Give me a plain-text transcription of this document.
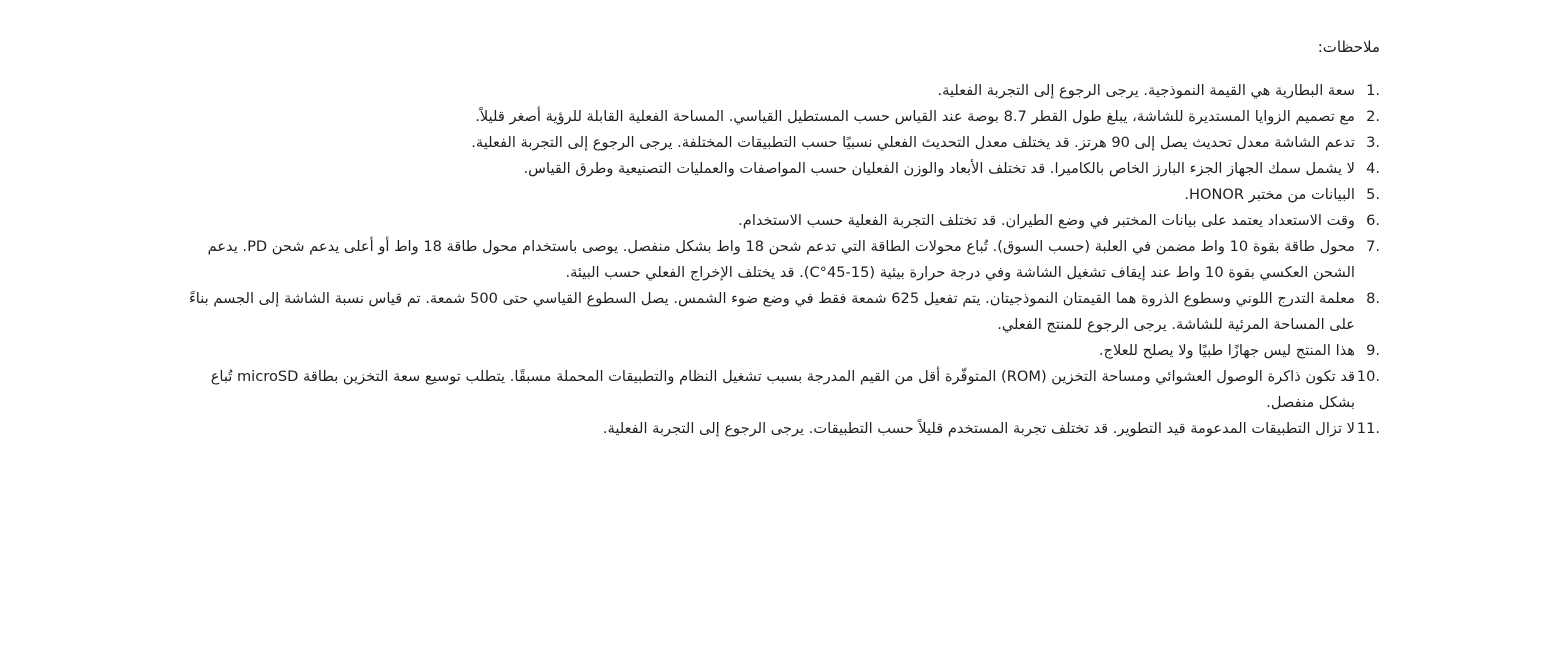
ملاحظات:
1.
سعة البطارية هي القيمة النموذجية. يرجى الرجوع إلى التجربة الفعلية.
2.
مع تصميم الزوايا المستديرة للشاشة، يبلغ طول القطر 8.7 بوصة عند القياس حسب المستطيل القياسي. المساحة الفعلية القابلة للرؤية أصغر قليلاً.
3.
تدعم الشاشة معدل تحديث يصل إلى 90 هرتز. قد يختلف معدل التحديث الفعلي نسبيًا حسب التطبيقات المختلفة. يرجى الرجوع إلى التجربة الفعلية.
4.
لا يشمل سمك الجهاز الجزء البارز الخاص بالكاميرا. قد تختلف الأبعاد والوزن الفعليان حسب المواصفات والعمليات التصنيعية وطرق القياس.
5.
البيانات من مختبر HONOR.
6.
وقت الاستعداد يعتمد على بيانات المختبر في وضع الطيران. قد تختلف التجربة الفعلية حسب الاستخدام.
7.
محول طاقة بقوة 10 واط مضمن في العلبة (حسب السوق). تُباع محولات الطاقة التي تدعم شحن 18 واط بشكل منفصل. يوصى باستخدام محول طاقة 18 واط أو أعلى يدعم شحن PD. يدعم الشحن العكسي بقوة 10 واط عند إيقاف تشغيل الشاشة وفي درجة حرارة بيئية (15-45°C). قد يختلف الإخراج الفعلي حسب البيئة.
8.
معلمة التدرج اللوني وسطوع الذروة هما القيمتان النموذجيتان. يتم تفعيل 625 شمعة فقط في وضع ضوء الشمس. يصل السطوع القياسي حتى 500 شمعة. تم قياس نسبة الشاشة إلى الجسم بناءً على المساحة المرئية للشاشة. يرجى الرجوع للمنتج الفعلي.
9.
هذا المنتج ليس جهازًا طبيًا ولا يصلح للعلاج.
10.
قد تكون ذاكرة الوصول العشوائي ومساحة التخزين (ROM) المتوفّرة أقل من القيم المدرجة بسبب تشغيل النظام والتطبيقات المحملة مسبقًا. يتطلب توسيع سعة التخزين بطاقة microSD تُباع بشكل منفصل.
11.
لا تزال التطبيقات المدعومة قيد التطوير. قد تختلف تجربة المستخدم قليلاً حسب التطبيقات. يرجى الرجوع إلى التجربة الفعلية.
